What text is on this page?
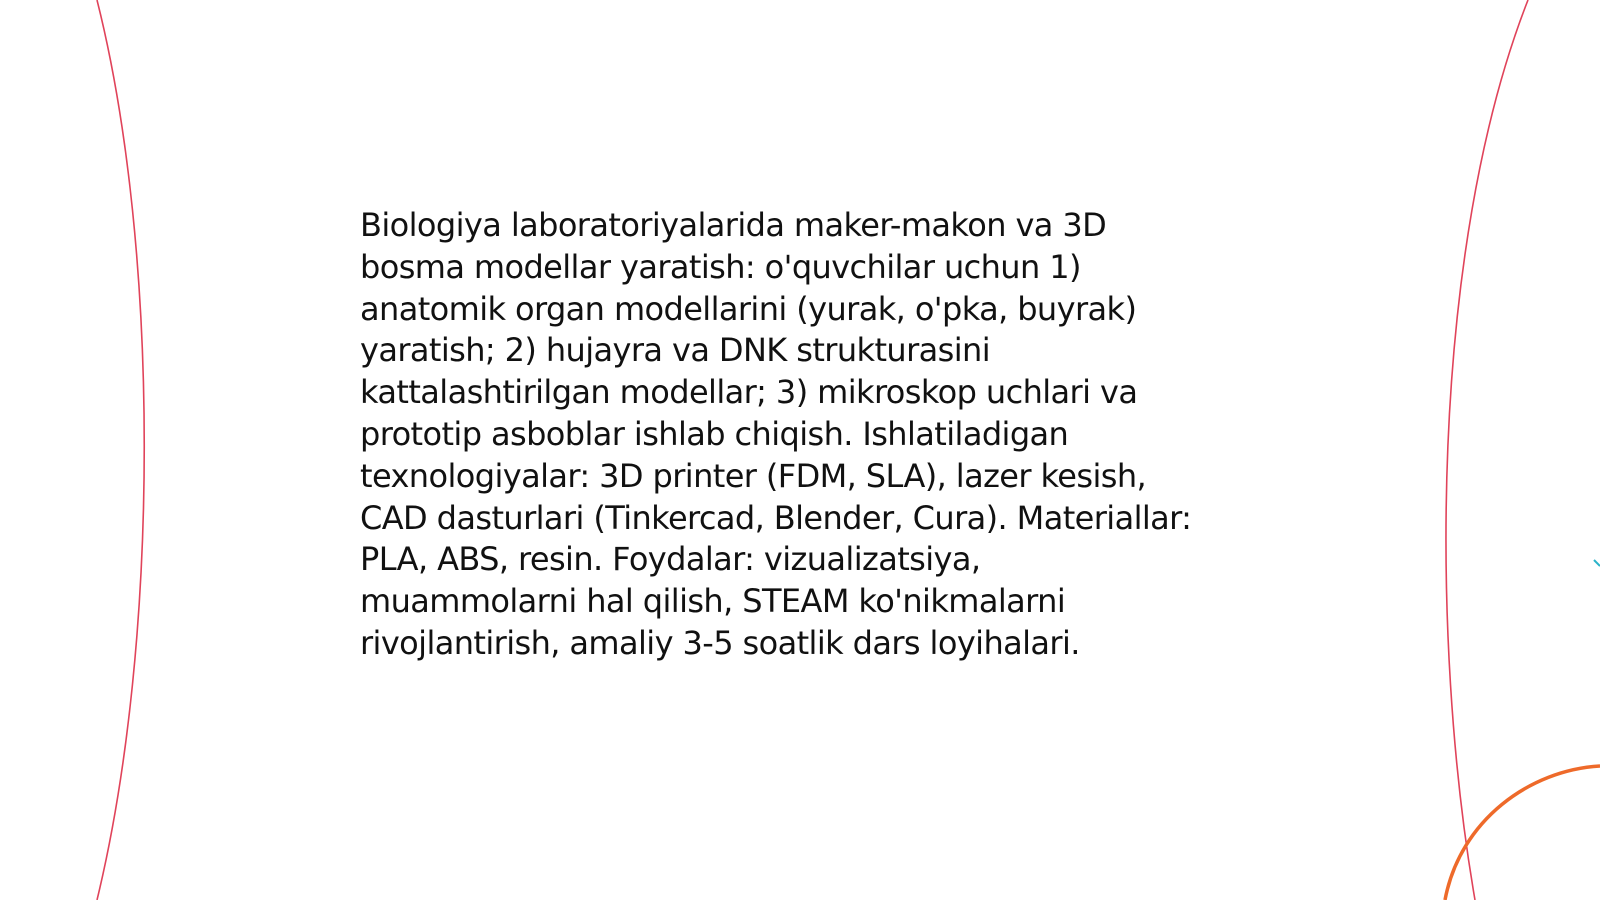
Biologiya laboratoriyalarida maker-makon va 3D
bosma modellar yaratish: o'quvchilar uchun 1)
anatomik organ modellarini (yurak, o'pka, buyrak)
yaratish; 2) hujayra va DNK strukturasini
kattalashtirilgan modellar; 3) mikroskop uchlari va
prototip asboblar ishlab chiqish. Ishlatiladigan
texnologiyalar: 3D printer (FDM, SLA), lazer kesish,
CAD dasturlari (Tinkercad, Blender, Cura). Materiallar:
PLA, ABS, resin. Foydalar: vizualizatsiya,
muammolarni hal qilish, STEAM ko'nikmalarni
rivojlantirish, amaliy 3-5 soatlik dars loyihalari.
